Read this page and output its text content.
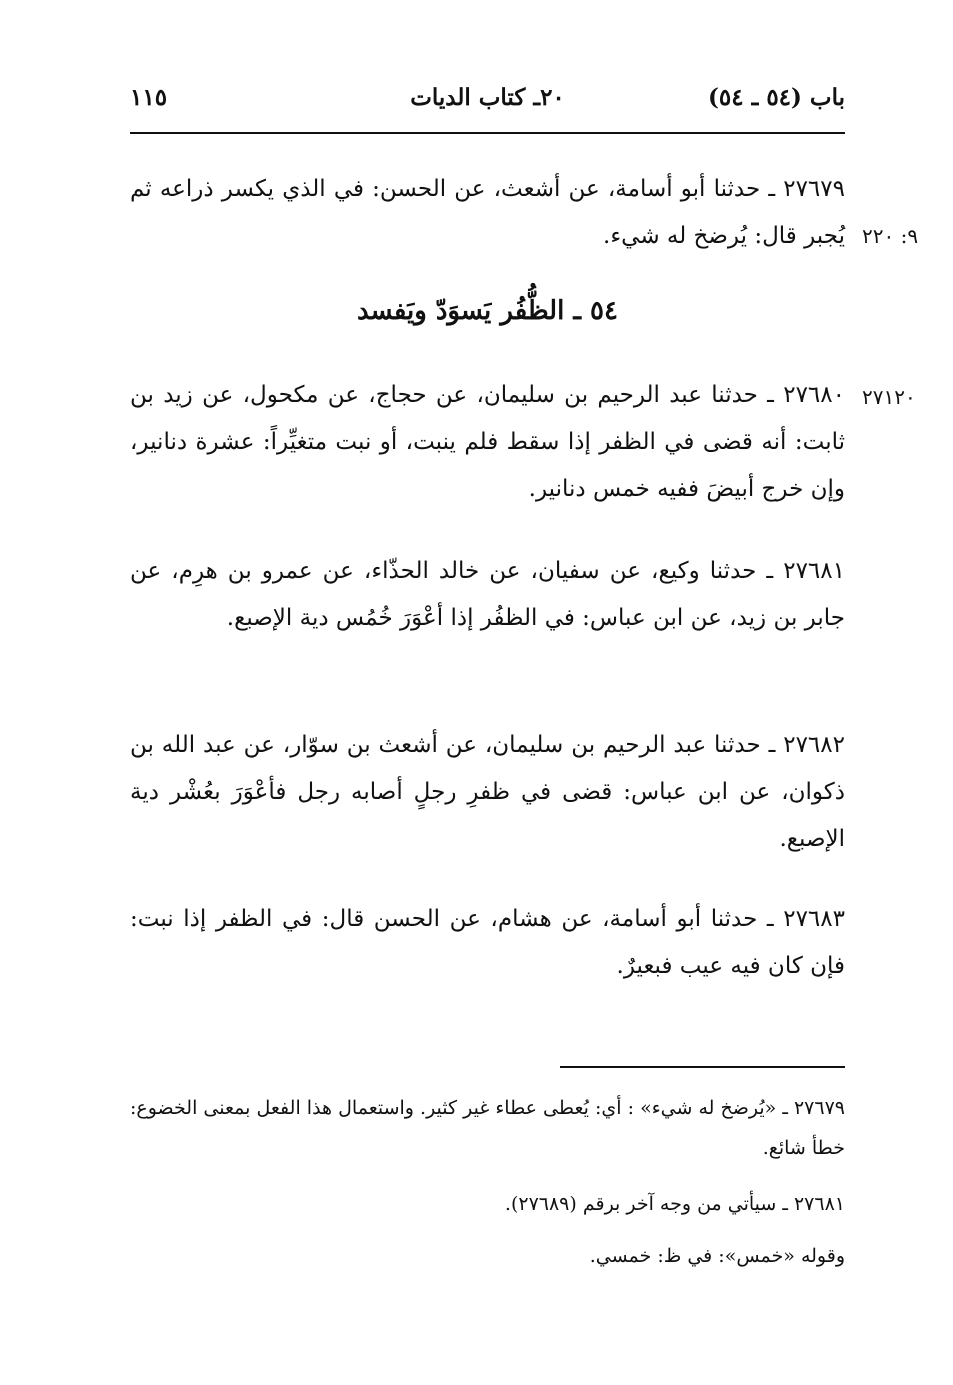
باب (٥٤ ـ ٥٤)
٢٠ـ كتاب الديات
١١٥
٢٧٦٧٩ ـ حدثنا أبو أسامة، عن أشعث، عن الحسن: في الذي يكسر ذراعه ثم يُجبر قال: يُرضخ له شيء. ٩: ٢٢٠
٥٤ ـ الظُّفُر يَسوَدّ ويَفسد
٢٧٦٨٠ ـ حدثنا عبد الرحيم بن سليمان، عن حجاج، عن مكحول، عن زيد بن ثابت: أنه قضى في الظفر إذا سقط فلم ينبت، أو نبت متغيِّراً: عشرة دنانير، وإن خرج أبيضَ ففيه خمس دنانير.
٢٧١٢٠
٢٧٦٨١ ـ حدثنا وكيع، عن سفيان، عن خالد الحذّاء، عن عمرو بن هرِم، عن جابر بن زيد، عن ابن عباس: في الظفُر إذا أعْوَرَ خُمُس دية الإصبع.
٢٧٦٨٢ ـ حدثنا عبد الرحيم بن سليمان، عن أشعث بن سوّار، عن عبد الله بن ذكوان، عن ابن عباس: قضى في ظفرِ رجلٍ أصابه رجل فأعْوَرَ بعُشْر دية الإصبع.
٢٧٦٨٣ ـ حدثنا أبو أسامة، عن هشام، عن الحسن قال: في الظفر إذا نبت: فإن كان فيه عيب فبعيرٌ.
٢٧٦٧٩ ـ «يُرضخ له شيء» : أي: يُعطى عطاء غير كثير. واستعمال هذا الفعل بمعنى الخضوع: خطأ شائع.
٢٧٦٨١ ـ سيأتي من وجه آخر برقم (٢٧٦٨٩).
وقوله «خمس»: في ظ: خمسي.
